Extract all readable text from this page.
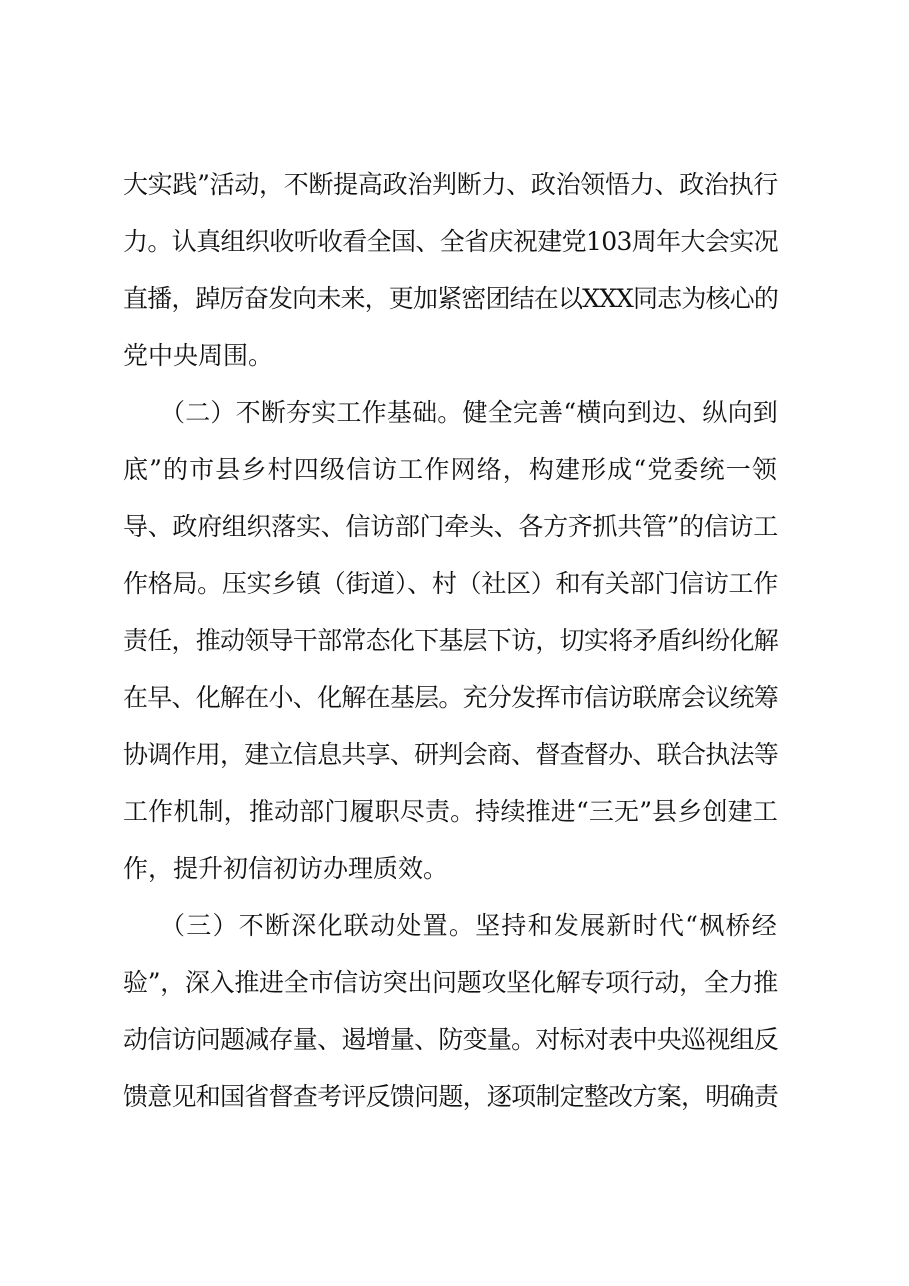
大实践”活动，不断提高政治判断力、政治领悟力、政治执行
力。认真组织收听收看全国、全省庆祝建党103周年大会实况
直播，踔厉奋发向未来，更加紧密团结在以XXX同志为核心的
党中央周围。
（二）不断夯实工作基础。健全完善“横向到边、纵向到
底”的市县乡村四级信访工作网络，构建形成“党委统一领
导、政府组织落实、信访部门牵头、各方齐抓共管”的信访工
作格局。压实乡镇（街道）、村（社区）和有关部门信访工作
责任，推动领导干部常态化下基层下访，切实将矛盾纠纷化解
在早、化解在小、化解在基层。充分发挥市信访联席会议统筹
协调作用，建立信息共享、研判会商、督查督办、联合执法等
工作机制，推动部门履职尽责。持续推进“三无”县乡创建工
作，提升初信初访办理质效。
（三）不断深化联动处置。坚持和发展新时代“枫桥经
验”，深入推进全市信访突出问题攻坚化解专项行动，全力推
动信访问题减存量、遏增量、防变量。对标对表中央巡视组反
馈意见和国省督查考评反馈问题，逐项制定整改方案，明确责
